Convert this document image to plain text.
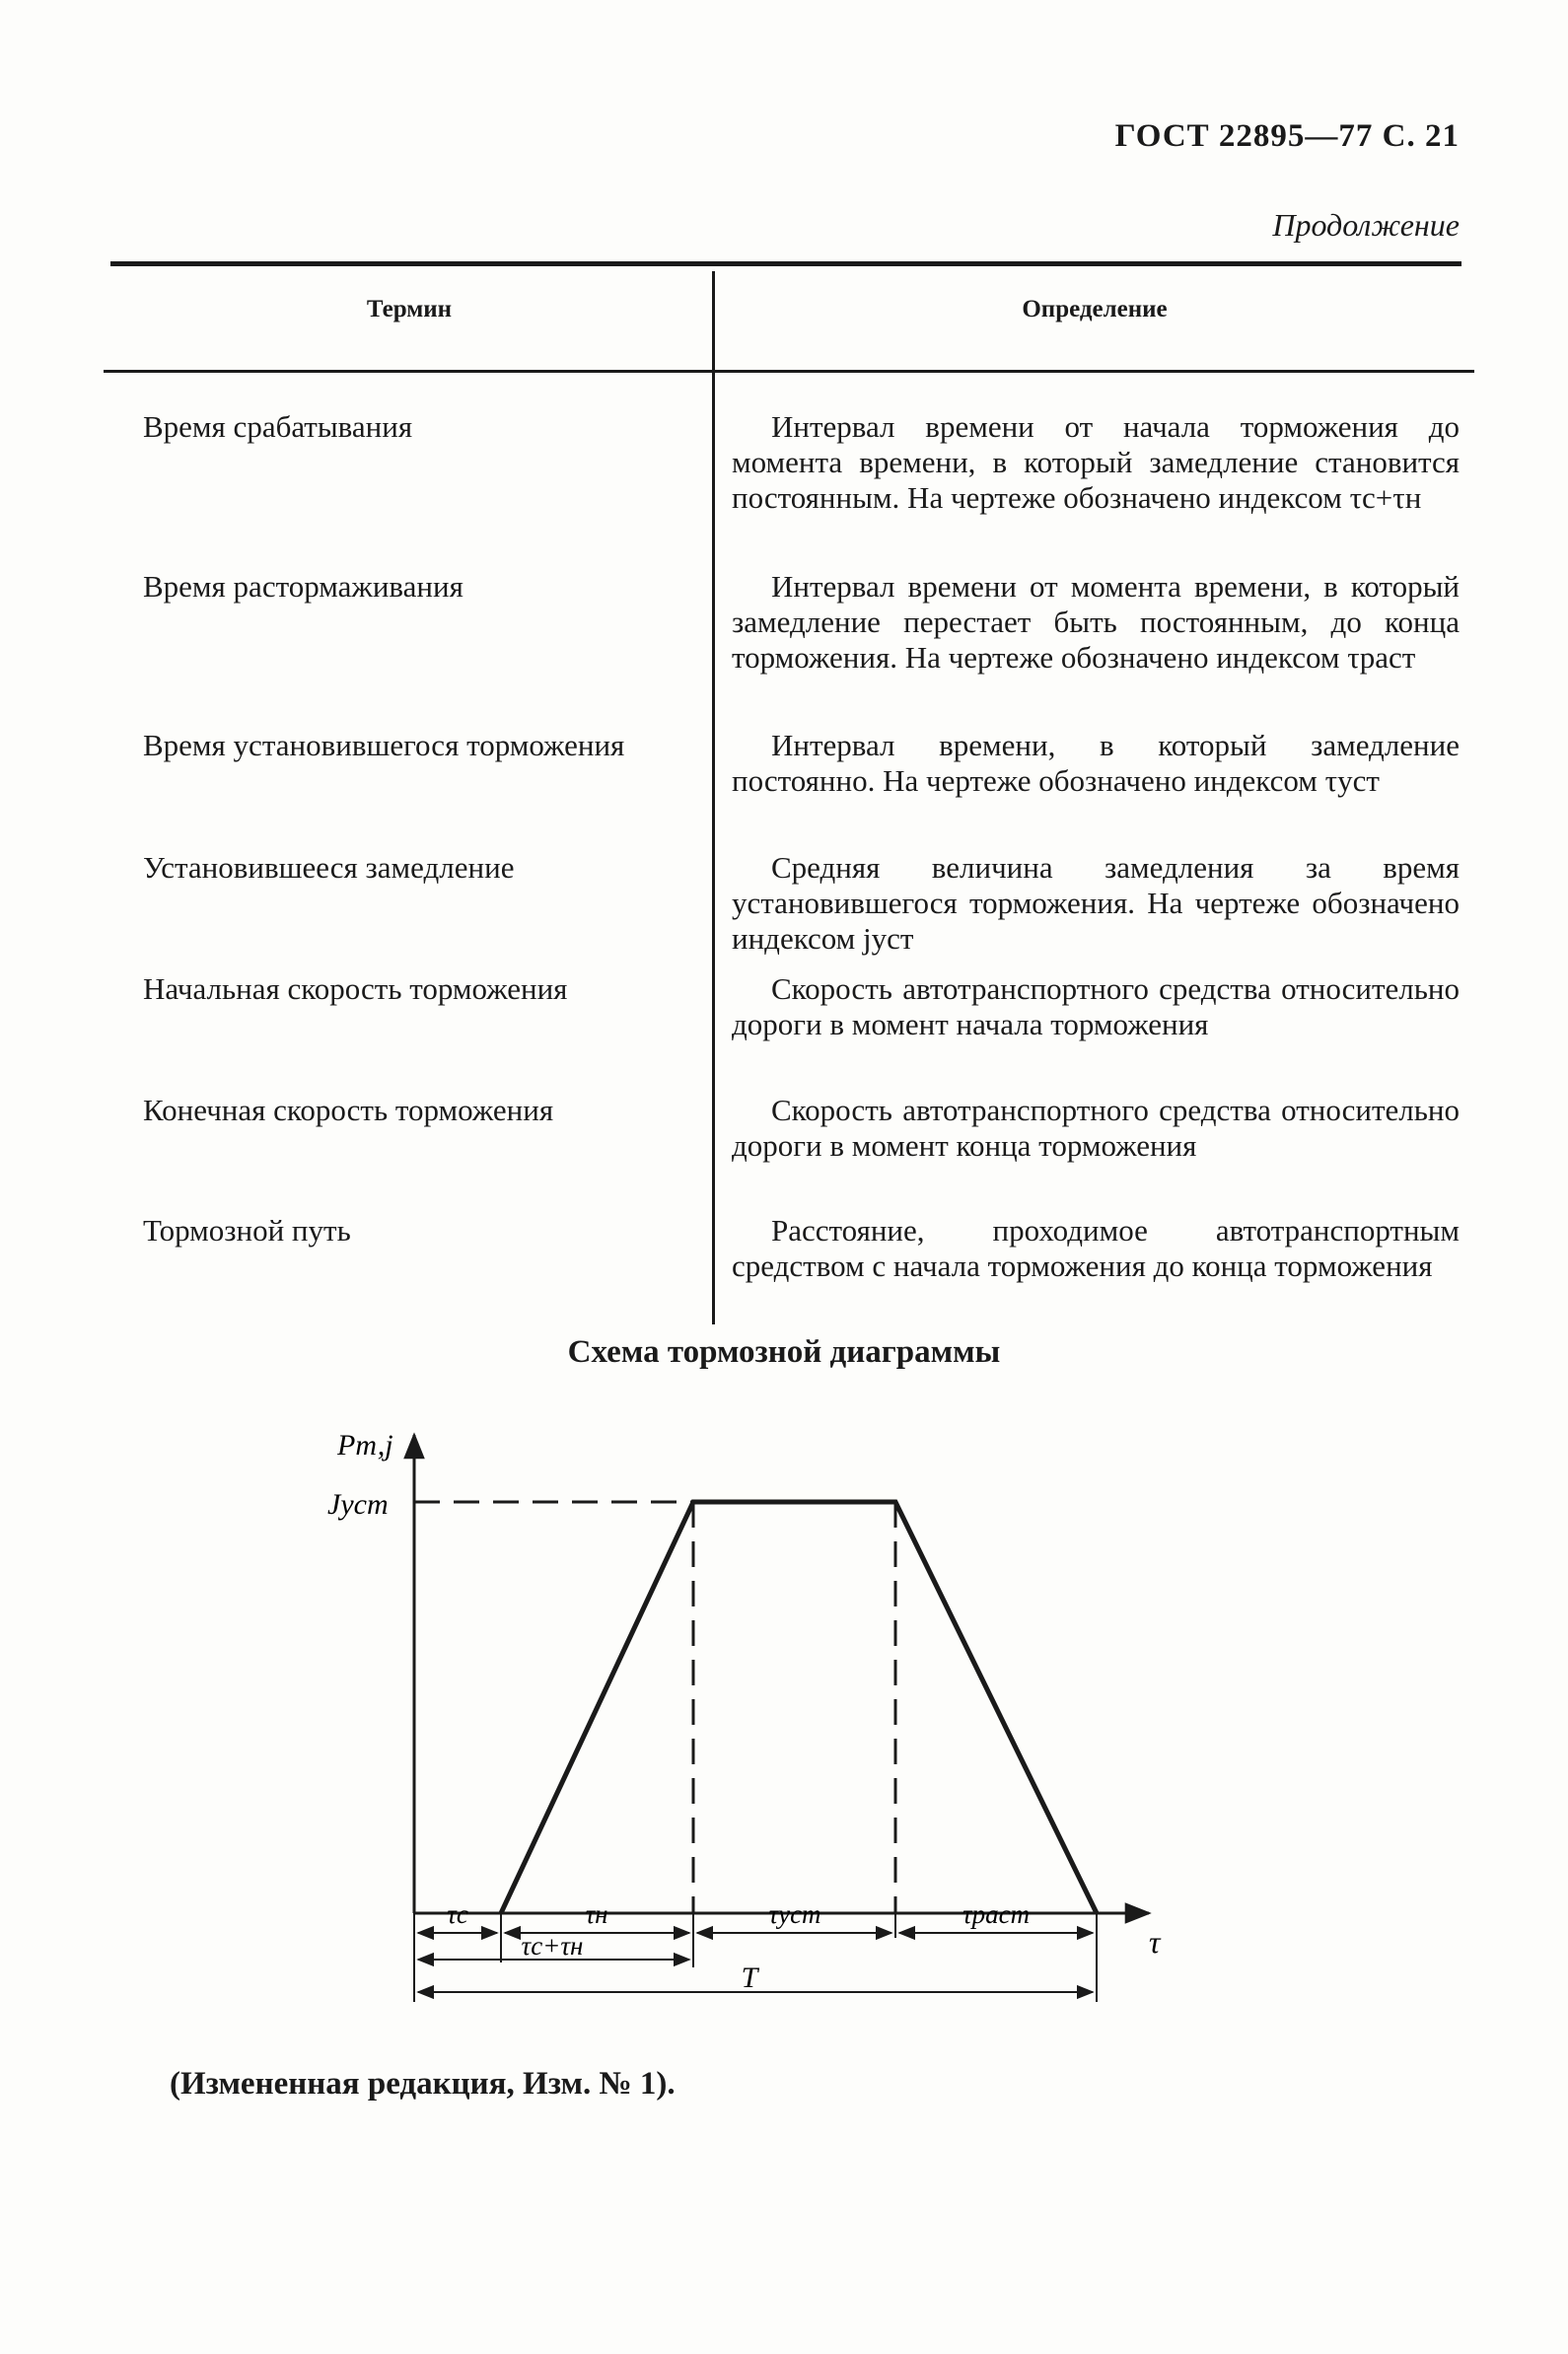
ГОСТ 22895—77 С. 21
Продолжение
Термин	Определение
Время срабатывания	Интервал времени от начала торможения до момента времени, в который замедление становится постоянным. На чертеже обозначено индексом τс+τн
Время растормаживания	Интервал времени от момента времени, в который замедление перестает быть постоянным, до конца торможения. На чертеже обозначено индексом τраст
Время установившегося торможения	Интервал времени, в который замедление постоянно. На чертеже обозначено индексом τуст
Установившееся замедление	Средняя величина замедления за время установившегося торможения. На чертеже обозначено индексом jуст
Начальная скорость торможения	Скорость автотранспортного средства относительно дороги в момент начала торможения
Конечная скорость торможения	Скорость автотранспортного средства относительно дороги в момент конца торможения
Тормозной путь	Расстояние, проходимое автотранспортным средством с начала торможения до конца торможения
Схема тормозной диаграммы
Pт,j
Jуст
τ
τс	τн	τуст	τраст
τс+τн
T
(Измененная редакция, Изм. № 1).
